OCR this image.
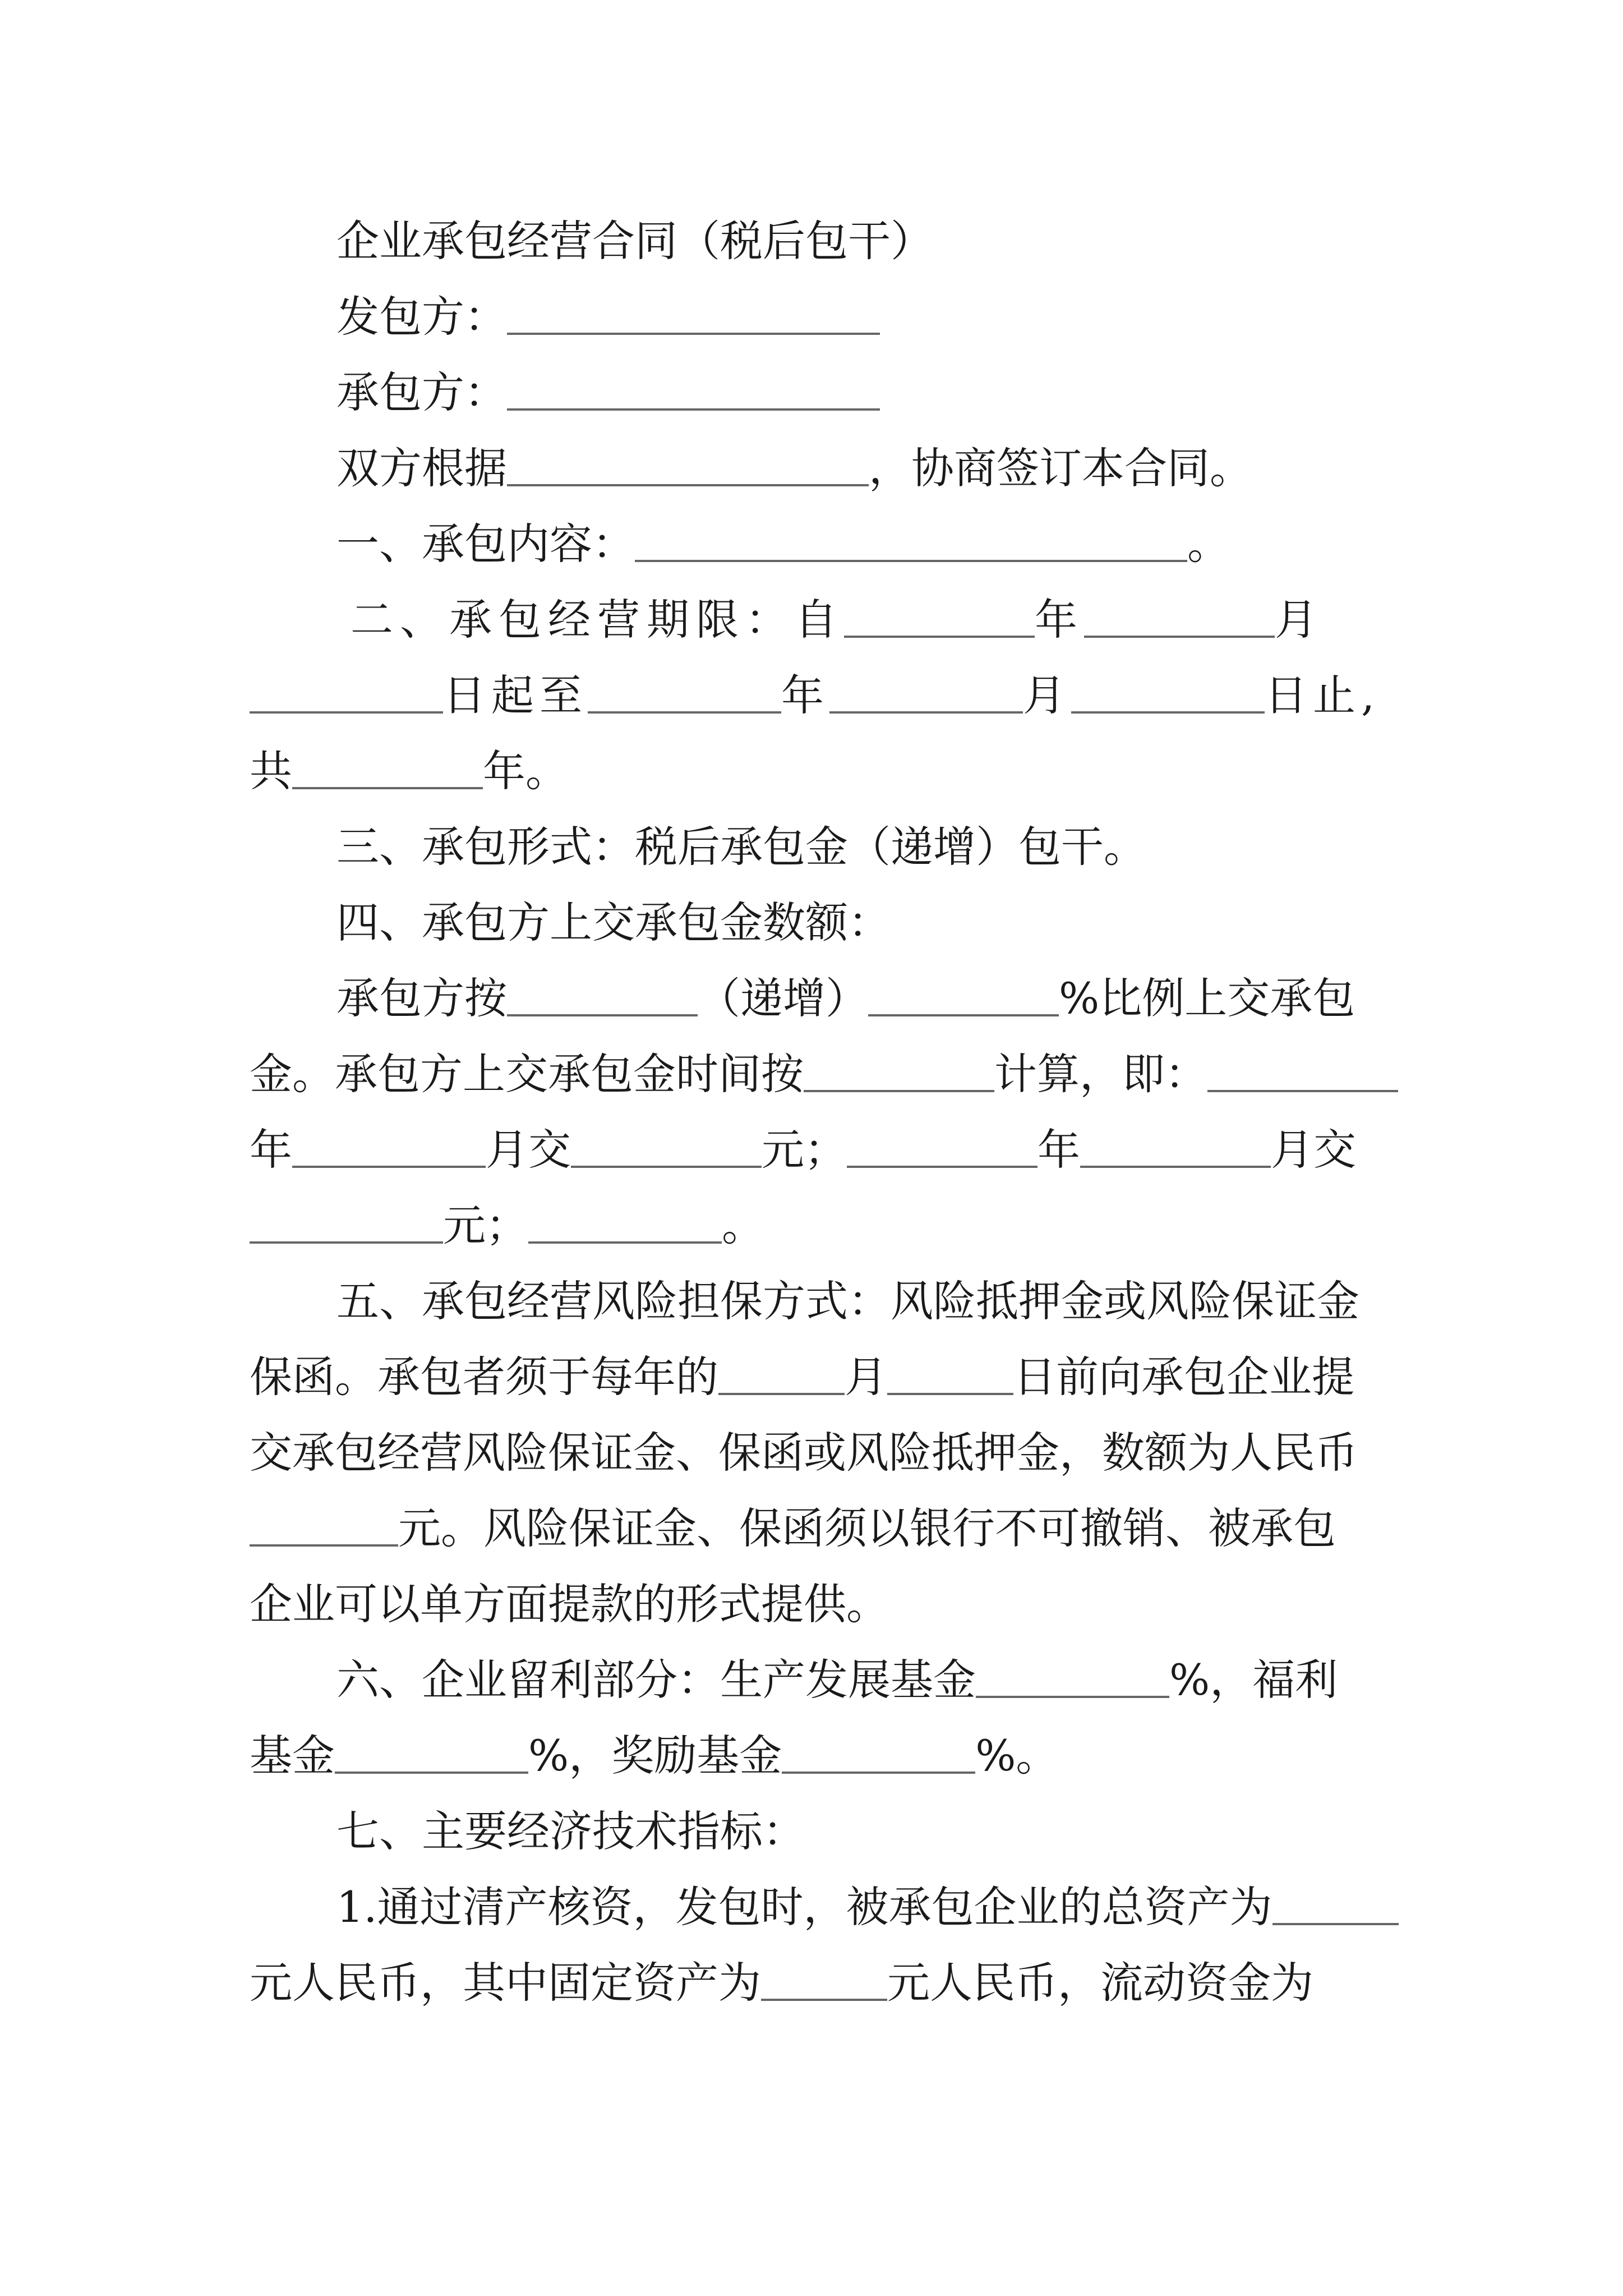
企业承包经营合同（税后包干）
发包方：
承包方：
双方根据	，协商签订本合同。
一、承包内容：	。
二、承包经营期限：自	年	月
日起至	年	月	日止,
共	年。
三、承包形式：税后承包金（递增）包干。
四、承包方上交承包金数额：
承包方按	（递增）	%比例上交承包
金。承包方上交承包金时间按	计算，即：
年	月交	元；	年	月交
元；	。
五、承包经营风险担保方式：风险抵押金或风险保证金
保函。承包者须于每年的	月	日前向承包企业提
交承包经营风险保证金、保函或风险抵押金，数额为人民币
元。风险保证金、保函须以银行不可撤销、被承包
企业可以单方面提款的形式提供。
六、企业留利部分：生产发展基金	%，福利
基金	%，奖励基金	%。
七、主要经济技术指标：
1.通过清产核资，发包时，被承包企业的总资产为
元人民币，其中固定资产为	元人民币，流动资金为
